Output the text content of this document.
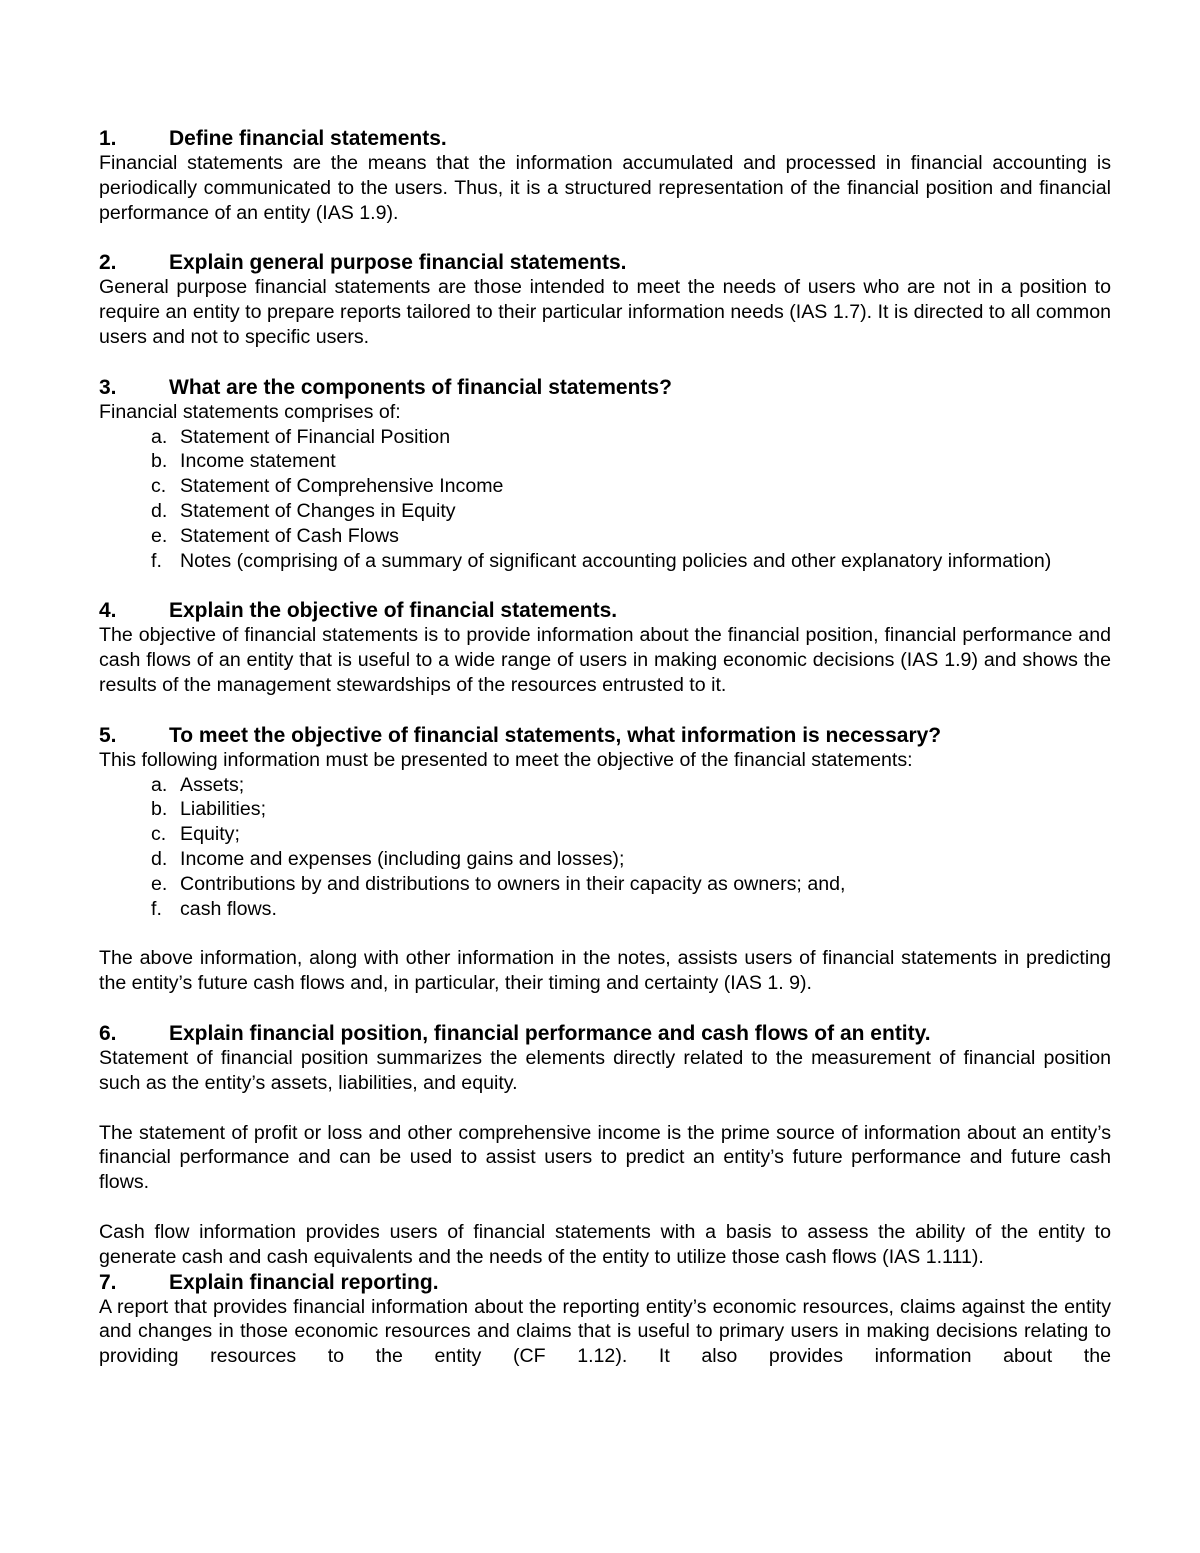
1. Define financial statements.

Financial statements are the means that the information accumulated and processed in financial accounting is periodically communicated to the users. Thus, it is a structured representation of the financial position and financial performance of an entity (IAS 1.9).

2. Explain general purpose financial statements.

General purpose financial statements are those intended to meet the needs of users who are not in a position to require an entity to prepare reports tailored to their particular information needs (IAS 1.7). It is directed to all common users and not to specific users.

3. What are the components of financial statements?

Financial statements comprises of:

a. Statement of Financial Position
b. Income statement
c. Statement of Comprehensive Income
d. Statement of Changes in Equity
e. Statement of Cash Flows
f. Notes (comprising of a summary of significant accounting policies and other explanatory information)
4. Explain the objective of financial statements.

The objective of financial statements is to provide information about the financial position, financial performance and cash flows of an entity that is useful to a wide range of users in making economic decisions (IAS 1.9) and shows the results of the management stewardships of the resources entrusted to it.

5. To meet the objective of financial statements, what information is necessary?

This following information must be presented to meet the objective of the financial statements:

a. Assets;
b. Liabilities;
c. Equity;
d. Income and expenses (including gains and losses);
e. Contributions by and distributions to owners in their capacity as owners; and,
f. cash flows.

The above information, along with other information in the notes, assists users of financial statements in predicting the entity’s future cash flows and, in particular, their timing and certainty (IAS 1. 9).

6. Explain financial position, financial performance and cash flows of an entity.

Statement of financial position summarizes the elements directly related to the measurement of financial position such as the entity’s assets, liabilities, and equity.

The statement of profit or loss and other comprehensive income is the prime source of information about an entity’s financial performance and can be used to assist users to predict an entity’s future performance and future cash flows.

Cash flow information provides users of financial statements with a basis to assess the ability of the entity to generate cash and cash equivalents and the needs of the entity to utilize those cash flows (IAS 1.111).

7. Explain financial reporting.

A report that provides financial information about the reporting entity’s economic resources, claims against the entity and changes in those economic resources and claims that is useful to primary users in making decisions relating to providing resources to the entity (CF 1.12). It also provides information about the
